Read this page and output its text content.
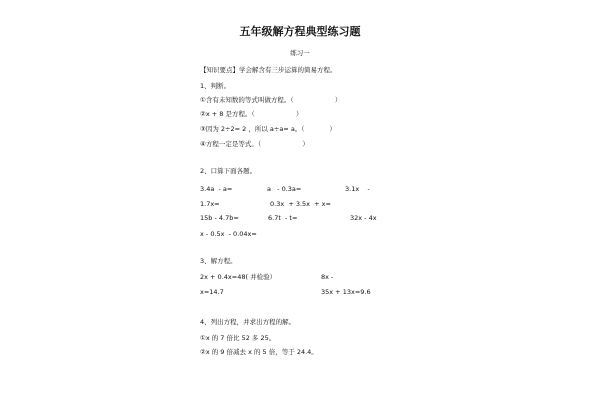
五年级解方程典型练习题
练习一
【知识要点】学会解含有三步运算的简易方程。
1、判断。
①含有未知数的等式叫做方程。（                    ）
②x + 8 是方程。（                    ）
③因为 2÷2= 2 ，所以 a÷a= a。（            ）
④方程一定是等式。（                    ）
2、口算下面各题。
3.4a  - a=	a   - 0.3a=	3.1x    -
1.7x=	0.3x  + 3.5x  + x=
15b - 4.7b=	6.7t  - t=	32x - 4x
x - 0.5x  - 0.04x=
3、解方程。
2x + 0.4x=48( 并检验）	8x -
x=14.7	35x + 13x=9.6
4、列出方程，并求出方程的解。
①x 的 7 倍比 52 多 25。
②x 的 9 倍减去 x 的 5 倍，等于 24.4。
